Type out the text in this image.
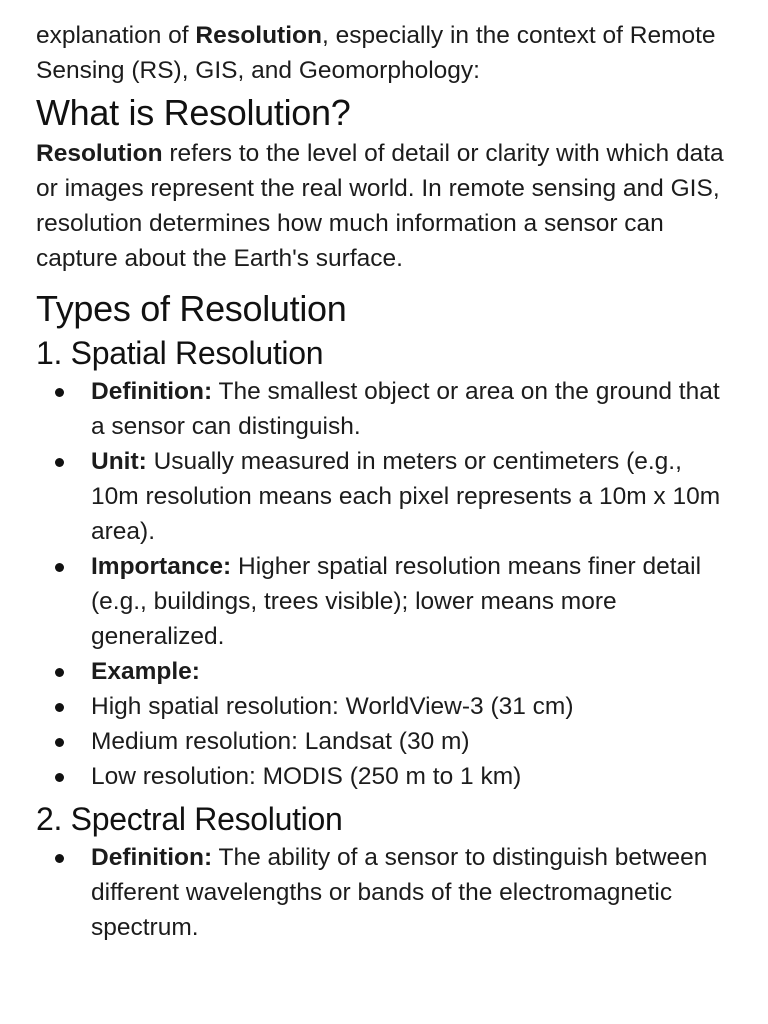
explanation of Resolution, especially in the context of Remote Sensing (RS), GIS, and Geomorphology:

What is Resolution?

Resolution refers to the level of detail or clarity with which data or images represent the real world. In remote sensing and GIS, resolution determines how much information a sensor can capture about the Earth's surface.

Types of Resolution
1. Spatial Resolution
Definition: The smallest object or area on the ground that a sensor can distinguish.
Unit: Usually measured in meters or centimeters (e.g., 10m resolution means each pixel represents a 10m x 10m area).
Importance: Higher spatial resolution means finer detail (e.g., buildings, trees visible); lower means more generalized.
Example:
High spatial resolution: WorldView-3 (31 cm)
Medium resolution: Landsat (30 m)
Low resolution: MODIS (250 m to 1 km)
2. Spectral Resolution
Definition: The ability of a sensor to distinguish between different wavelengths or bands of the electromagnetic spectrum.
